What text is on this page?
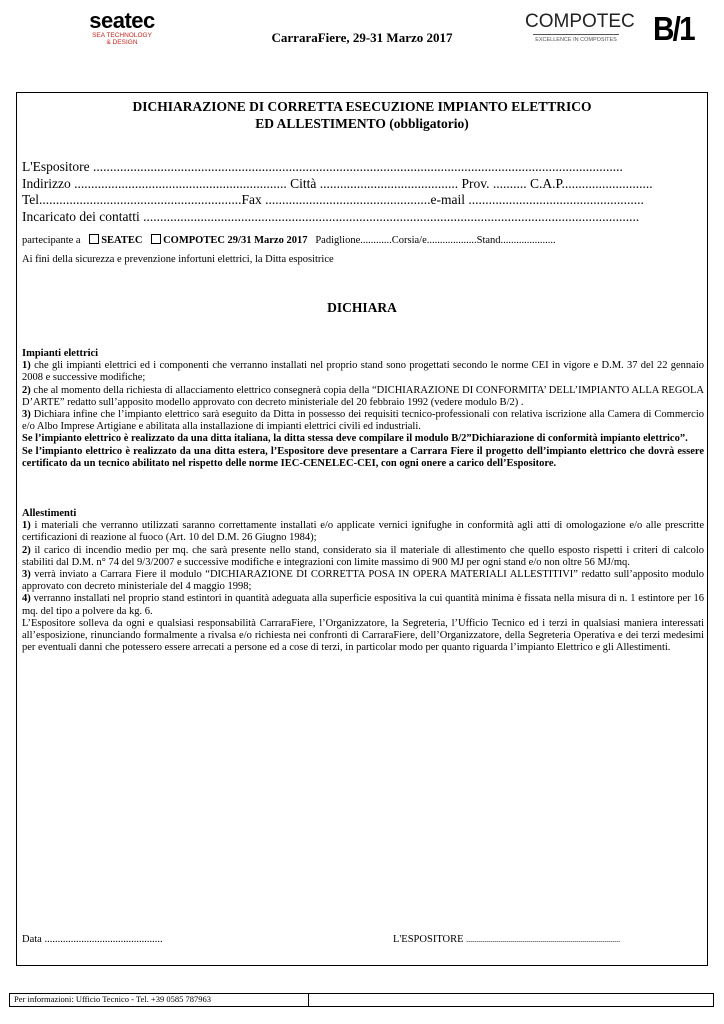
seatec
SEA TECHNOLOGY
& DESIGN	CarraraFiere, 29-31 Marzo 2017
COMPOTEC
EXCELLENCE IN COMPOSITES B/1
DICHIARAZIONE DI CORRETTA ESECUZIONE IMPIANTO ELETTRICO
ED ALLESTIMENTO (obbligatorio)
L'Espositore .............................................................................................................................................................
Indirizzo ............................................................... Città ......................................... Prov. .......... C.A.P...........................
Tel............................................................Fax .................................................e-mail ....................................................
Incaricato dei contatti ...................................................................................................................................................
partecipante a SEATEC COMPOTEC 29/31 Marzo 2017 Padiglione............Corsia/e...................Stand.....................
Ai fini della sicurezza e prevenzione infortuni elettrici, la Ditta espositrice
DICHIARA

Impianti elettrici

1) che gli impianti elettrici ed i componenti che verranno installati nel proprio stand sono progettati secondo le norme CEI in vigore e D.M. 37 del 22 gennaio 2008 e successive modifiche;

2) che al momento della richiesta di allacciamento elettrico consegnerà copia della “DICHIARAZIONE DI CONFORMITA’ DELL’IMPIANTO ALLA REGOLA D’ARTE” redatto sull’apposito modello approvato con decreto ministeriale del 20 febbraio 1992 (vedere modulo B/2) .

3) Dichiara infine che l’impianto elettrico sarà eseguito da Ditta in possesso dei requisiti tecnico-professionali con relativa iscrizione alla Camera di Commercio e/o Albo Imprese Artigiane e abilitata alla installazione di impianti elettrici civili ed industriali.

Se l’impianto elettrico è realizzato da una ditta italiana, la ditta stessa deve compilare il modulo B/2”Dichiarazione di conformità impianto elettrico”.

Se l’impianto elettrico è realizzato da una ditta estera, l’Espositore deve presentare a Carrara Fiere il progetto dell’impianto elettrico che dovrà essere certificato da un tecnico abilitato nel rispetto delle norme IEC-CENELEC-CEI, con ogni onere a carico dell’Espositore.

Allestimenti

1) i materiali che verranno utilizzati saranno correttamente installati e/o applicate vernici ignifughe in conformità agli atti di omologazione e/o alle prescritte certificazioni di reazione al fuoco (Art. 10 del D.M. 26 Giugno 1984);

2) il carico di incendio medio per mq. che sarà presente nello stand, considerato sia il materiale di allestimento che quello esposto rispetti i criteri di calcolo stabiliti dal D.M. n° 74 del 9/3/2007 e successive modifiche e integrazioni con limite massimo di 900 MJ per ogni stand e/o non oltre 56 MJ/mq.

3) verrà inviato a Carrara Fiere il modulo “DICHIARAZIONE DI CORRETTA POSA IN OPERA MATERIALI ALLESTITIVI” redatto sull’apposito modulo approvato con decreto ministeriale del 4 maggio 1998;

4) verranno installati nel proprio stand estintori in quantità adeguata alla superficie espositiva la cui quantità minima è fissata nella misura di n. 1 estintore per 16 mq. del tipo a polvere da kg. 6.

L’Espositore solleva da ogni e qualsiasi responsabilità CarraraFiere, l’Organizzatore, la Segreteria, l’Ufficio Tecnico ed i terzi in qualsiasi maniera interessati all’esposizione, rinunciando formalmente a rivalsa e/o richiesta nei confronti di CarraraFiere, dell’Organizzatore, della Segreteria Operativa e dei terzi medesimi per eventuali danni che potessero essere arrecati a persone ed a cose di terzi, in particolar modo per quanto riguarda l’impianto Elettrico e gli Allestimenti.

Data .............................................	L'ESPOSITORE .............................................................................
Per informazioni: Ufficio Tecnico - Tel. +39 0585 787963
